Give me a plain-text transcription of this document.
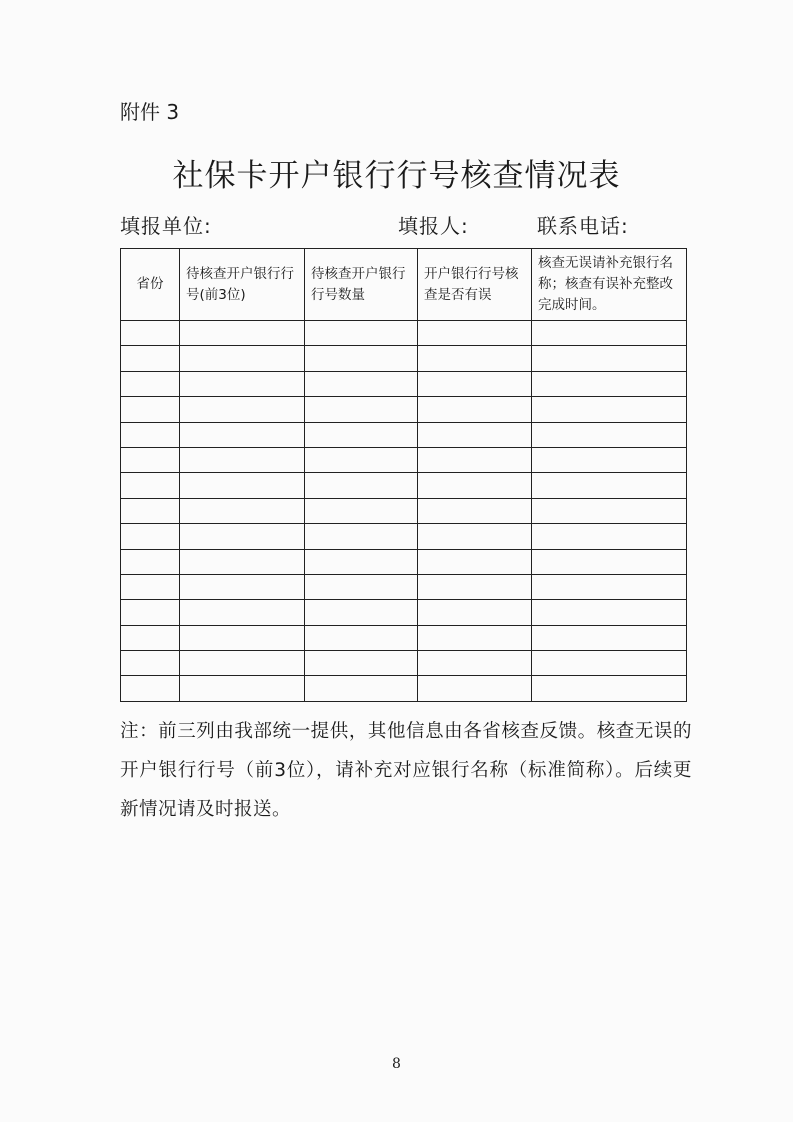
附件 3
社保卡开户银行行号核查情况表
填报单位:	填报人:	联系电话:
省份	待核查开户银行行号(前3位)	待核查开户银行行号数量	开户银行行号核查是否有误	核查无误请补充银行名称；核查有误补充整改完成时间。

注：前三列由我部统一提供，其他信息由各省核查反馈。核查无误的开户银行行号（前3位），请补充对应银行名称（标准简称）。后续更新情况请及时报送。
8
